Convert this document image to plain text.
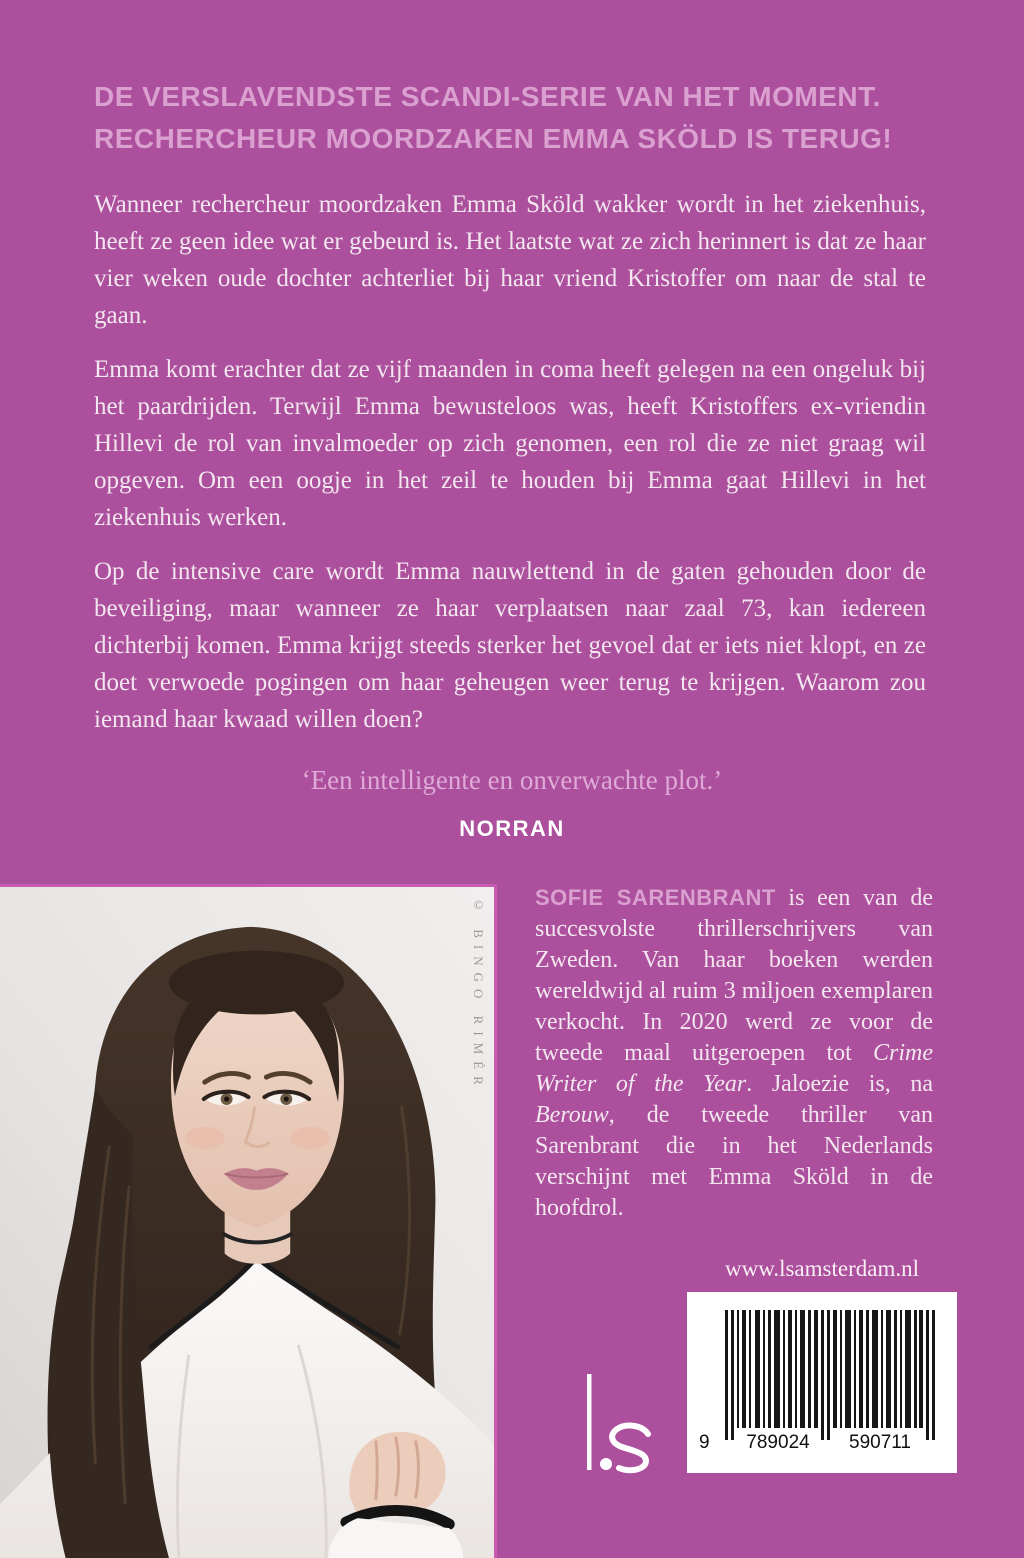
DE VERSLAVENDSTE SCANDI-SERIE VAN HET MOMENT.
RECHERCHEUR MOORDZAKEN EMMA SKÖLD IS TERUG!

Wanneer rechercheur moordzaken Emma Sköld wakker wordt in het ziekenhuis, heeft ze geen idee wat er gebeurd is. Het laatste wat ze zich herinnert is dat ze haar vier weken oude dochter achterliet bij haar vriend Kristoffer om naar de stal te gaan.

Emma komt erachter dat ze vijf maanden in coma heeft gelegen na een ongeluk bij het paardrijden. Terwijl Emma bewusteloos was, heeft Kristoffers ex-vriendin Hillevi de rol van invalmoeder op zich genomen, een rol die ze niet graag wil opgeven. Om een oogje in het zeil te houden bij Emma gaat Hillevi in het ziekenhuis werken.

Op de intensive care wordt Emma nauwlettend in de gaten gehouden door de beveiliging, maar wanneer ze haar verplaatsen naar zaal 73, kan iedereen dichterbij komen. Emma krijgt steeds sterker het gevoel dat er iets niet klopt, en ze doet verwoede pogingen om haar geheugen weer terug te krijgen. Waarom zou iemand haar kwaad willen doen?

‘Een intelligente en onverwachte plot.’
NORRAN
© BINGO RIMÉR SOFIE SARENBRANT is een van de succesvolste thrillerschrijvers van Zweden. Van haar boeken werden wereldwijd al ruim 3 miljoen exemplaren verkocht. In 2020 werd ze voor de tweede maal uitgeroepen tot Crime Writer of the Year. Jaloezie is, na Berouw, de tweede thriller van Sarenbrant die in het Nederlands verschijnt met Emma Sköld in de hoofdrol.

www.lsamsterdam.nl
9	789024	590711
